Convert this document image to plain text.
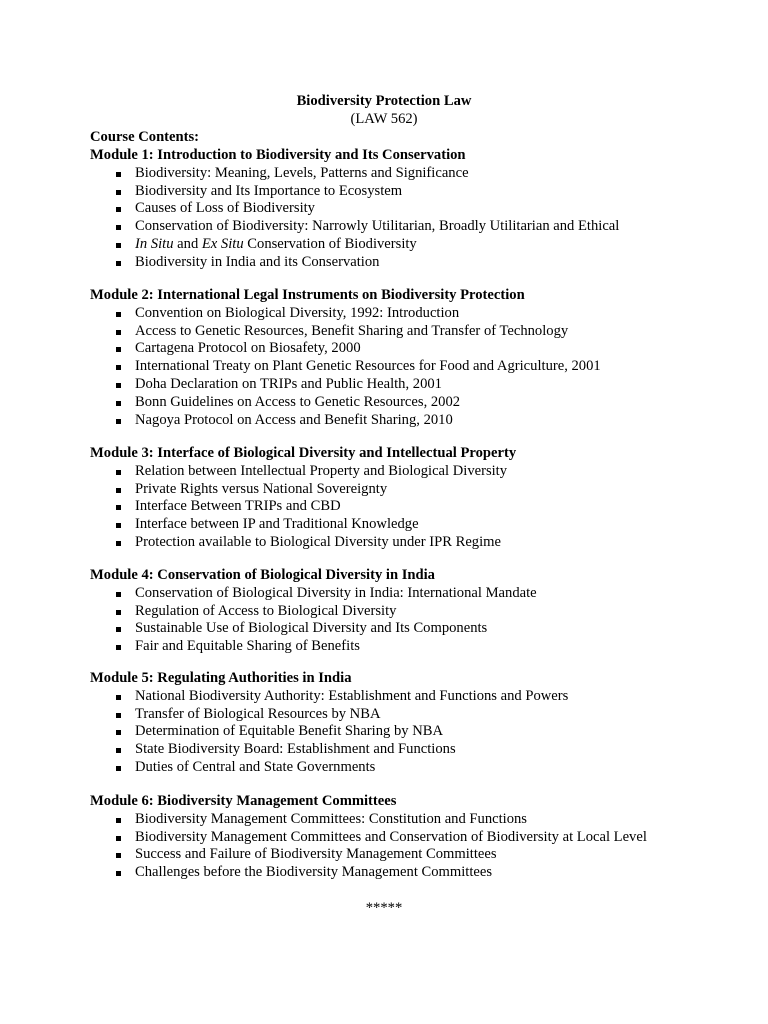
Biodiversity Protection Law

(LAW 562)

Course Contents:

Module 1: Introduction to Biodiversity and Its Conservation

Biodiversity: Meaning, Levels, Patterns and Significance
Biodiversity and Its Importance to Ecosystem
Causes of Loss of Biodiversity
Conservation of Biodiversity: Narrowly Utilitarian, Broadly Utilitarian and Ethical
In Situ and Ex Situ Conservation of Biodiversity
Biodiversity in India and its Conservation

Module 2: International Legal Instruments on Biodiversity Protection

Convention on Biological Diversity, 1992: Introduction
Access to Genetic Resources, Benefit Sharing and Transfer of Technology
Cartagena Protocol on Biosafety, 2000
International Treaty on Plant Genetic Resources for Food and Agriculture, 2001
Doha Declaration on TRIPs and Public Health, 2001
Bonn Guidelines on Access to Genetic Resources, 2002
Nagoya Protocol on Access and Benefit Sharing, 2010

Module 3: Interface of Biological Diversity and Intellectual Property

Relation between Intellectual Property and Biological Diversity
Private Rights versus National Sovereignty
Interface Between TRIPs and CBD
Interface between IP and Traditional Knowledge
Protection available to Biological Diversity under IPR Regime

Module 4: Conservation of Biological Diversity in India

Conservation of Biological Diversity in India: International Mandate
Regulation of Access to Biological Diversity
Sustainable Use of Biological Diversity and Its Components
Fair and Equitable Sharing of Benefits

Module 5: Regulating Authorities in India

National Biodiversity Authority: Establishment and Functions and Powers
Transfer of Biological Resources by NBA
Determination of Equitable Benefit Sharing by NBA
State Biodiversity Board: Establishment and Functions
Duties of Central and State Governments

Module 6: Biodiversity Management Committees

Biodiversity Management Committees: Constitution and Functions
Biodiversity Management Committees and Conservation of Biodiversity at Local Level
Success and Failure of Biodiversity Management Committees
Challenges before the Biodiversity Management Committees

*****
